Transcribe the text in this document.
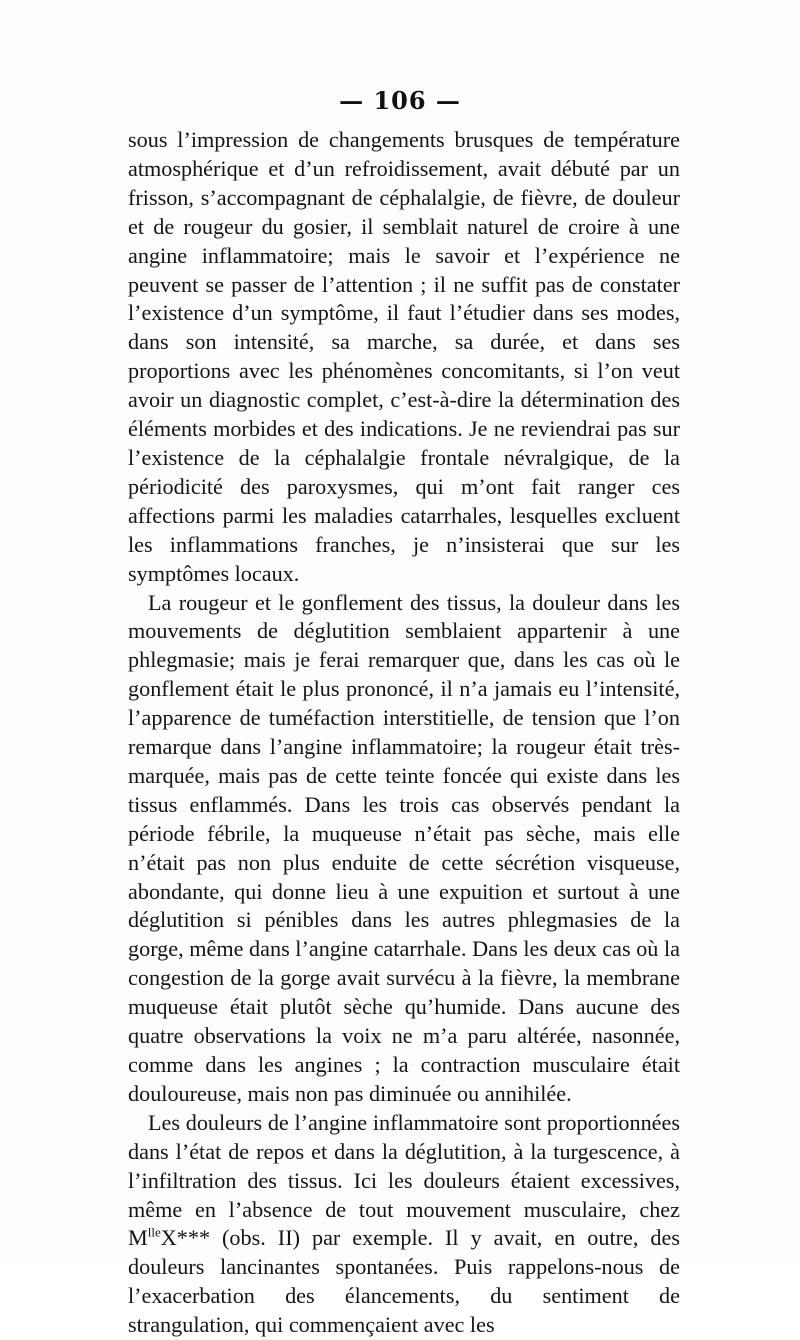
— 106 —

sous l’impression de changements brusques de température atmosphérique et d’un refroidissement, avait débuté par un frisson, s’accompagnant de céphalalgie, de fièvre, de douleur et de rougeur du gosier, il semblait naturel de croire à une angine inflammatoire; mais le savoir et l’expérience ne peuvent se passer de l’attention ; il ne suffit pas de constater l’existence d’un symptôme, il faut l’étudier dans ses modes, dans son intensité, sa marche, sa durée, et dans ses proportions avec les phénomènes concomitants, si l’on veut avoir un diagnostic complet, c’est-à-dire la détermination des éléments morbides et des indications. Je ne reviendrai pas sur l’existence de la céphalalgie frontale névralgique, de la périodicité des paroxysmes, qui m’ont fait ranger ces affections parmi les maladies catarrhales, lesquelles excluent les inflammations franches, je n’insisterai que sur les symptômes locaux.

La rougeur et le gonflement des tissus, la douleur dans les mouvements de déglutition semblaient appartenir à une phlegmasie; mais je ferai remarquer que, dans les cas où le gonflement était le plus prononcé, il n’a jamais eu l’intensité, l’apparence de tuméfaction interstitielle, de tension que l’on remarque dans l’angine inflammatoire; la rougeur était très-marquée, mais pas de cette teinte foncée qui existe dans les tissus enflammés. Dans les trois cas observés pendant la période fébrile, la muqueuse n’était pas sèche, mais elle n’était pas non plus enduite de cette sécrétion visqueuse, abondante, qui donne lieu à une expuition et surtout à une déglutition si pénibles dans les autres phlegmasies de la gorge, même dans l’angine catarrhale. Dans les deux cas où la congestion de la gorge avait survécu à la fièvre, la membrane muqueuse était plutôt sèche qu’humide. Dans aucune des quatre observations la voix ne m’a paru altérée, nasonnée, comme dans les angines ; la contraction musculaire était douloureuse, mais non pas diminuée ou annihilée.

Les douleurs de l’angine inflammatoire sont proportionnées dans l’état de repos et dans la déglutition, à la turgescence, à l’infiltration des tissus. Ici les douleurs étaient excessives, même en l’absence de tout mouvement musculaire, chez $M^{lle}X***$ (obs. II) par exemple. Il y avait, en outre, des douleurs lancinantes spontanées. Puis rappelons-nous de l’exacerbation des élancements, du sentiment de strangulation, qui commençaient avec les
